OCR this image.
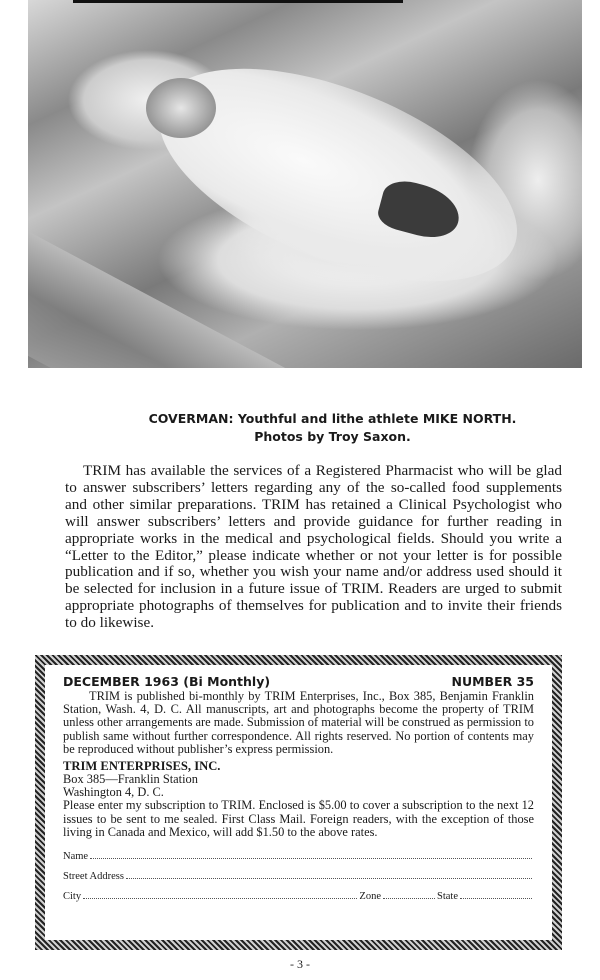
COVERMAN: Youthful and lithe athlete MIKE NORTH.
Photos by Troy Saxon.

TRIM has available the services of a Registered Pharmacist who will be glad to answer subscribers’ letters regarding any of the so-called food supplements and other similar preparations. TRIM has retained a Clinical Psychologist who will answer subscribers’ letters and provide guidance for further reading in appropriate works in the medical and psychological fields. Should you write a “Letter to the Editor,” please indicate whether or not your letter is for possible publication and if so, whether you wish your name and/or address used should it be selected for inclusion in a future issue of TRIM. Readers are urged to submit appropriate photographs of themselves for publication and to invite their friends to do likewise.

DECEMBER 1963 (Bi Monthly)	NUMBER 35

TRIM is published bi-monthly by TRIM Enterprises, Inc., Box 385, Benjamin Franklin Station, Wash. 4, D. C. All manuscripts, art and photographs become the property of TRIM unless other arrangements are made. Submission of material will be construed as permission to publish same without further correspondence. All rights reserved. No portion of contents may be reproduced without publisher’s express permission.

TRIM ENTERPRISES, INC.
Box 385—Franklin Station
Washington 4, D. C.

Please enter my subscription to TRIM. Enclosed is $5.00 to cover a subscription to the next 12 issues to be sent to me sealed. First Class Mail. Foreign readers, with the exception of those living in Canada and Mexico, will add $1.50 to the above rates.

Name
Street Address
City	Zone	State
- 3 -
